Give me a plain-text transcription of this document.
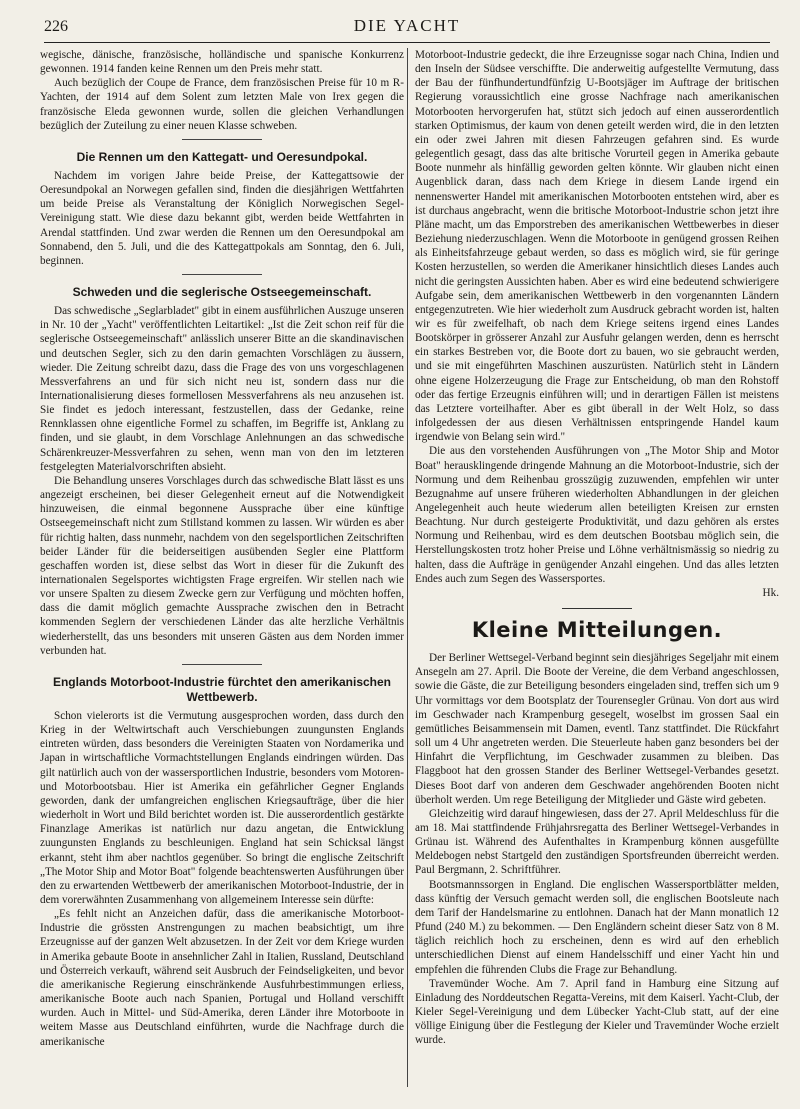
226	DIE YACHT

wegische, dänische, französische, holländische und spanische Konkurrenz gewonnen. 1914 fanden keine Rennen um den Preis mehr statt.

Auch bezüglich der Coupe de France, dem französischen Preise für 10 m R-Yachten, der 1914 auf dem Solent zum letzten Male von Irex gegen die französische Eleda gewonnen wurde, sollen die gleichen Verhandlungen bezüglich der Zuteilung zu einer neuen Klasse schweben.

Die Rennen um den Kattegatt- und Oeresundpokal.

Nachdem im vorigen Jahre beide Preise, der Kattegattsowie der Oeresundpokal an Norwegen gefallen sind, finden die diesjährigen Wettfahrten um beide Preise als Veranstaltung der Königlich Norwegischen Segel-Vereinigung statt. Wie diese dazu bekannt gibt, werden beide Wettfahrten in Arendal stattfinden. Und zwar werden die Rennen um den Oeresundpokal am Sonnabend, den 5. Juli, und die des Kattegattpokals am Sonntag, den 6. Juli, beginnen.

Schweden und die seglerische Ostseegemeinschaft.

Das schwedische „Seglarbladet" gibt in einem ausführlichen Auszuge unseren in Nr. 10 der „Yacht" veröffentlichten Leitartikel: „Ist die Zeit schon reif für die seglerische Ostseegemeinschaft" anlässlich unserer Bitte an die skandinavischen und deutschen Segler, sich zu den darin gemachten Vorschlägen zu äussern, wieder. Die Zeitung schreibt dazu, dass die Frage des von uns vorgeschlagenen Messverfahrens an und für sich nicht neu ist, sondern dass nur die Internationalisierung dieses formellosen Messverfahrens als neu anzusehen ist. Sie findet es jedoch interessant, festzustellen, dass der Gedanke, reine Rennklassen ohne eigentliche Formel zu schaffen, im Begriffe ist, Anklang zu finden, und sie glaubt, in dem Vorschlage Anlehnungen an das schwedische Schärenkreuzer-Messverfahren zu sehen, wenn man von den im letzteren festgelegten Materialvorschriften absieht.

Die Behandlung unseres Vorschlages durch das schwedische Blatt lässt es uns angezeigt erscheinen, bei dieser Gelegenheit erneut auf die Notwendigkeit hinzuweisen, die einmal begonnene Aussprache über eine künftige Ostseegemeinschaft nicht zum Stillstand kommen zu lassen. Wir würden es aber für richtig halten, dass nunmehr, nachdem von den segelsportlichen Zeitschriften beider Länder für die beiderseitigen ausübenden Segler eine Plattform geschaffen worden ist, diese selbst das Wort in dieser für die Zukunft des internationalen Segelsportes wichtigsten Frage ergreifen. Wir stellen nach wie vor unsere Spalten zu diesem Zwecke gern zur Verfügung und möchten hoffen, dass die damit möglich gemachte Aussprache zwischen den in Betracht kommenden Seglern der verschiedenen Länder das alte herzliche Verhältnis wiederherstellt, das uns besonders mit unseren Gästen aus dem Norden immer verbunden hat.

Englands Motorboot-Industrie fürchtet den amerikanischen Wettbewerb.

Schon vielerorts ist die Vermutung ausgesprochen worden, dass durch den Krieg in der Weltwirtschaft auch Verschiebungen zuungunsten Englands eintreten würden, dass besonders die Vereinigten Staaten von Nordamerika und Japan in wirtschaftliche Vormachtstellungen Englands eindringen würden. Das gilt natürlich auch von der wassersportlichen Industrie, besonders vom Motoren- und Motorbootsbau. Hier ist Amerika ein gefährlicher Gegner Englands geworden, dank der umfangreichen englischen Kriegsaufträge, über die hier wiederholt in Wort und Bild berichtet worden ist. Die ausserordentlich gestärkte Finanzlage Amerikas ist natürlich nur dazu angetan, die Entwicklung zuungunsten Englands zu beschleunigen. England hat sein Schicksal längst erkannt, steht ihm aber nachtlos gegenüber. So bringt die englische Zeitschrift „The Motor Ship and Motor Boat" folgende beachtenswerten Ausführungen über den zu erwartenden Wettbewerb der amerikanischen Motorboot-Industrie, der in dem vorerwähnten Zusammenhang von allgemeinem Interesse sein dürfte:

„Es fehlt nicht an Anzeichen dafür, dass die amerikanische Motorboot-Industrie die grössten Anstrengungen zu machen beabsichtigt, um ihre Erzeugnisse auf der ganzen Welt abzusetzen. In der Zeit vor dem Kriege wurden in Amerika gebaute Boote in ansehnlicher Zahl in Italien, Russland, Deutschland und Österreich verkauft, während seit Ausbruch der Feindseligkeiten, und bevor die amerikanische Regierung einschränkende Ausfuhrbestimmungen erliess, amerikanische Boote auch nach Spanien, Portugal und Holland verschifft wurden. Auch in Mittel- und Süd-Amerika, deren Länder ihre Motorboote in weitem Masse aus Deutschland einführten, wurde die Nachfrage durch die amerikanische

Motorboot-Industrie gedeckt, die ihre Erzeugnisse sogar nach China, Indien und den Inseln der Südsee verschiffte. Die anderweitig aufgestellte Vermutung, dass der Bau der fünfhundertundfünfzig U-Bootsjäger im Auftrage der britischen Regierung voraussichtlich eine grosse Nachfrage nach amerikanischen Motorbooten hervorgerufen hat, stützt sich jedoch auf einen ausserordentlich starken Optimismus, der kaum von denen geteilt werden wird, die in den letzten ein oder zwei Jahren mit diesen Fahrzeugen gefahren sind. Es wurde gelegentlich gesagt, dass das alte britische Vorurteil gegen in Amerika gebaute Boote nunmehr als hinfällig geworden gelten könnte. Wir glauben nicht einen Augenblick daran, dass nach dem Kriege in diesem Lande irgend ein nennenswerter Handel mit amerikanischen Motorbooten entstehen wird, aber es ist durchaus angebracht, wenn die britische Motorboot-Industrie schon jetzt ihre Pläne macht, um das Emporstreben des amerikanischen Wettbewerbes in dieser Beziehung niederzuschlagen. Wenn die Motorboote in genügend grossen Reihen als Einheitsfahrzeuge gebaut werden, so dass es möglich wird, sie für geringe Kosten herzustellen, so werden die Amerikaner hinsichtlich dieses Landes auch nicht die geringsten Aussichten haben. Aber es wird eine bedeutend schwierigere Aufgabe sein, dem amerikanischen Wettbewerb in den vorgenannten Ländern entgegenzutreten. Wie hier wiederholt zum Ausdruck gebracht worden ist, halten wir es für zweifelhaft, ob nach dem Kriege seitens irgend eines Landes Bootskörper in grösserer Anzahl zur Ausfuhr gelangen werden, denn es herrscht ein starkes Bestreben vor, die Boote dort zu bauen, wo sie gebraucht werden, und sie mit eingeführten Maschinen auszurüsten. Natürlich steht in Ländern ohne eigene Holzerzeugung die Frage zur Entscheidung, ob man den Rohstoff oder das fertige Erzeugnis einführen will; und in derartigen Fällen ist meistens das Letztere vorteilhafter. Aber es gibt überall in der Welt Holz, so dass infolgedessen der aus diesen Verhältnissen entspringende Handel kaum irgendwie von Belang sein wird."

Die aus den vorstehenden Ausführungen von „The Motor Ship and Motor Boat" herausklingende dringende Mahnung an die Motorboot-Industrie, sich der Normung und dem Reihenbau grosszügig zuzuwenden, empfehlen wir unter Bezugnahme auf unsere früheren wiederholten Abhandlungen in der gleichen Angelegenheit auch heute wiederum allen beteiligten Kreisen zur ernsten Beachtung. Nur durch gesteigerte Produktivität, und dazu gehören als erstes Normung und Reihenbau, wird es dem deutschen Bootsbau möglich sein, die Herstellungskosten trotz hoher Preise und Löhne verhältnismässig so niedrig zu halten, dass die Aufträge in genügender Anzahl eingehen. Und das alles letzten Endes auch zum Segen des Wassersportes.

Hk.

Kleine Mitteilungen.

Der Berliner Wettsegel-Verband beginnt sein diesjähriges Segeljahr mit einem Ansegeln am 27. April. Die Boote der Vereine, die dem Verband angeschlossen, sowie die Gäste, die zur Beteiligung besonders eingeladen sind, treffen sich um 9 Uhr vormittags vor dem Bootsplatz der Tourensegler Grünau. Von dort aus wird im Geschwader nach Krampenburg gesegelt, woselbst im grossen Saal ein gemütliches Beisammensein mit Damen, eventl. Tanz stattfindet. Die Rückfahrt soll um 4 Uhr angetreten werden. Die Steuerleute haben ganz besonders bei der Hinfahrt die Verpflichtung, im Geschwader zusammen zu bleiben. Das Flaggboot hat den grossen Stander des Berliner Wettsegel-Verbandes gesetzt. Dieses Boot darf von anderen dem Geschwader angehörenden Booten nicht überholt werden. Um rege Beteiligung der Mitglieder und Gäste wird gebeten.

Gleichzeitig wird darauf hingewiesen, dass der 27. April Meldeschluss für die am 18. Mai stattfindende Frühjahrsregatta des Berliner Wettsegel-Verbandes in Grünau ist. Während des Aufenthaltes in Krampenburg können ausgefüllte Meldebogen nebst Startgeld den zuständigen Sportsfreunden überreicht werden. Paul Bergmann, 2. Schriftführer.

Bootsmannssorgen in England. Die englischen Wassersportblätter melden, dass künftig der Versuch gemacht werden soll, die englischen Bootsleute nach dem Tarif der Handelsmarine zu entlohnen. Danach hat der Mann monatlich 12 Pfund (240 M.) zu bekommen. — Den Engländern scheint dieser Satz von 8 M. täglich reichlich hoch zu erscheinen, denn es wird auf den erheblich unterschiedlichen Dienst auf einem Handelsschiff und einer Yacht hin und empfehlen die führenden Clubs die Frage zur Behandlung.

Travemünder Woche. Am 7. April fand in Hamburg eine Sitzung auf Einladung des Norddeutschen Regatta-Vereins, mit dem Kaiserl. Yacht-Club, der Kieler Segel-Vereinigung und dem Lübecker Yacht-Club statt, auf der eine völlige Einigung über die Festlegung der Kieler und Travemünder Woche erzielt wurde.
